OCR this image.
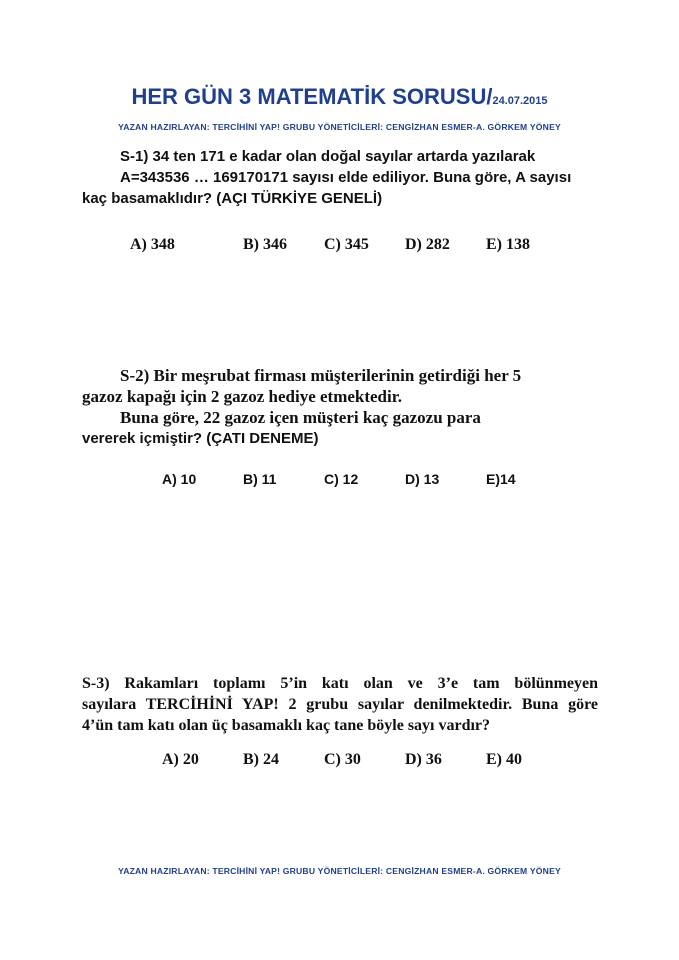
HER GÜN 3 MATEMATİK SORUSU/24.07.2015
YAZAN HAZIRLAYAN: TERCİHİNİ YAP! GRUBU YÖNETİCİLERİ: CENGİZHAN ESMER-A. GÖRKEM YÖNEY
S-1) 34 ten 171 e kadar olan doğal sayılar artarda yazılarak
A=343536 … 169170171 sayısı elde ediliyor. Buna göre, A sayısı
kaç basamaklıdır? (AÇI TÜRKİYE GENELİ)
A) 348	B) 346 C) 345 D) 282 E) 138
S-2) Bir meşrubat firması müşterilerinin getirdiği her 5
gazoz kapağı için 2 gazoz hediye etmektedir.
Buna göre, 22 gazoz içen müşteri kaç gazozu para
vererek içmiştir? (ÇATI DENEME)
A) 10	B) 11	C) 12	D) 13	E)14
S-3) Rakamları toplamı 5’in katı olan ve 3’e tam bölünmeyen
sayılara TERCİHİNİ YAP! 2 grubu sayılar denilmektedir. Buna göre
4’ün tam katı olan üç basamaklı kaç tane böyle sayı vardır?
A) 20	B) 24	C) 30	D) 36	E) 40
YAZAN HAZIRLAYAN: TERCİHİNİ YAP! GRUBU YÖNETİCİLERİ: CENGİZHAN ESMER-A. GÖRKEM YÖNEY
